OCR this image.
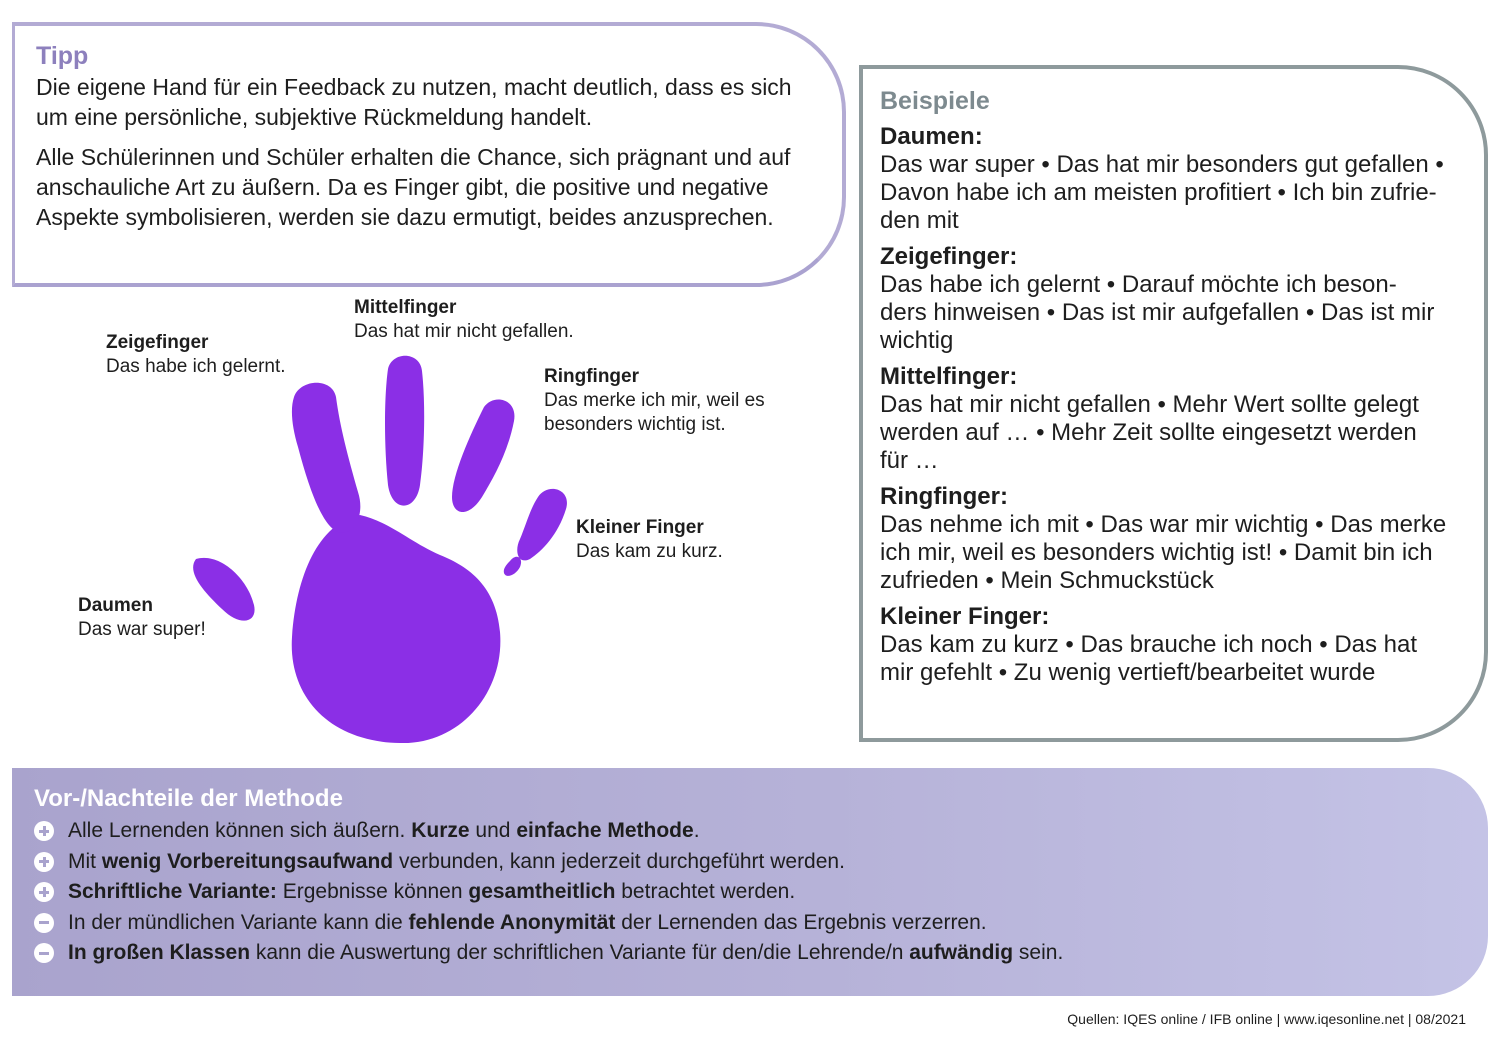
Tipp

Die eigene Hand für ein Feedback zu nutzen, macht deutlich, dass es sich um eine persönliche, subjektive Rückmeldung handelt.

Alle Schülerinnen und Schüler erhalten die Chance, sich prägnant und auf anschauliche Art zu äußern. Da es Finger gibt, die positive und negative Aspekte symbolisieren, werden sie dazu ermutigt, beides anzusprechen.

Zeigefinger
Das habe ich gelernt.
Mittelfinger
Das hat mir nicht gefallen.
Ringfinger
Das merke ich mir, weil es
besonders wichtig ist.
Kleiner Finger
Das kam zu kurz.
Daumen
Das war super!
Beispiele
Daumen:
Das war super • Das hat mir besonders gut gefallen •
Davon habe ich am meisten profitiert • Ich bin zufrie-
den mit
Zeigefinger:
Das habe ich gelernt • Darauf möchte ich beson-
ders hinweisen • Das ist mir aufgefallen • Das ist mir
wichtig
Mittelfinger:
Das hat mir nicht gefallen • Mehr Wert sollte gelegt
werden auf … • Mehr Zeit sollte eingesetzt werden
für …
Ringfinger:
Das nehme ich mit • Das war mir wichtig • Das merke
ich mir, weil es besonders wichtig ist! • Damit bin ich
zufrieden • Mein Schmuckstück
Kleiner Finger:
Das kam zu kurz • Das brauche ich noch • Das hat
mir gefehlt • Zu wenig vertieft/bearbeitet wurde
Vor-/Nachteile der Methode
Alle Lernenden können sich äußern. Kurze und einfache Methode.
Mit wenig Vorbereitungsaufwand verbunden, kann jederzeit durchgeführt werden.
Schriftliche Variante: Ergebnisse können gesamtheitlich betrachtet werden.
In der mündlichen Variante kann die fehlende Anonymität der Lernenden das Ergebnis verzerren.
In großen Klassen kann die Auswertung der schriftlichen Variante für den/die Lehrende/n aufwändig sein.
Quellen: IQES online / IFB online | www.iqesonline.net | 08/2021
